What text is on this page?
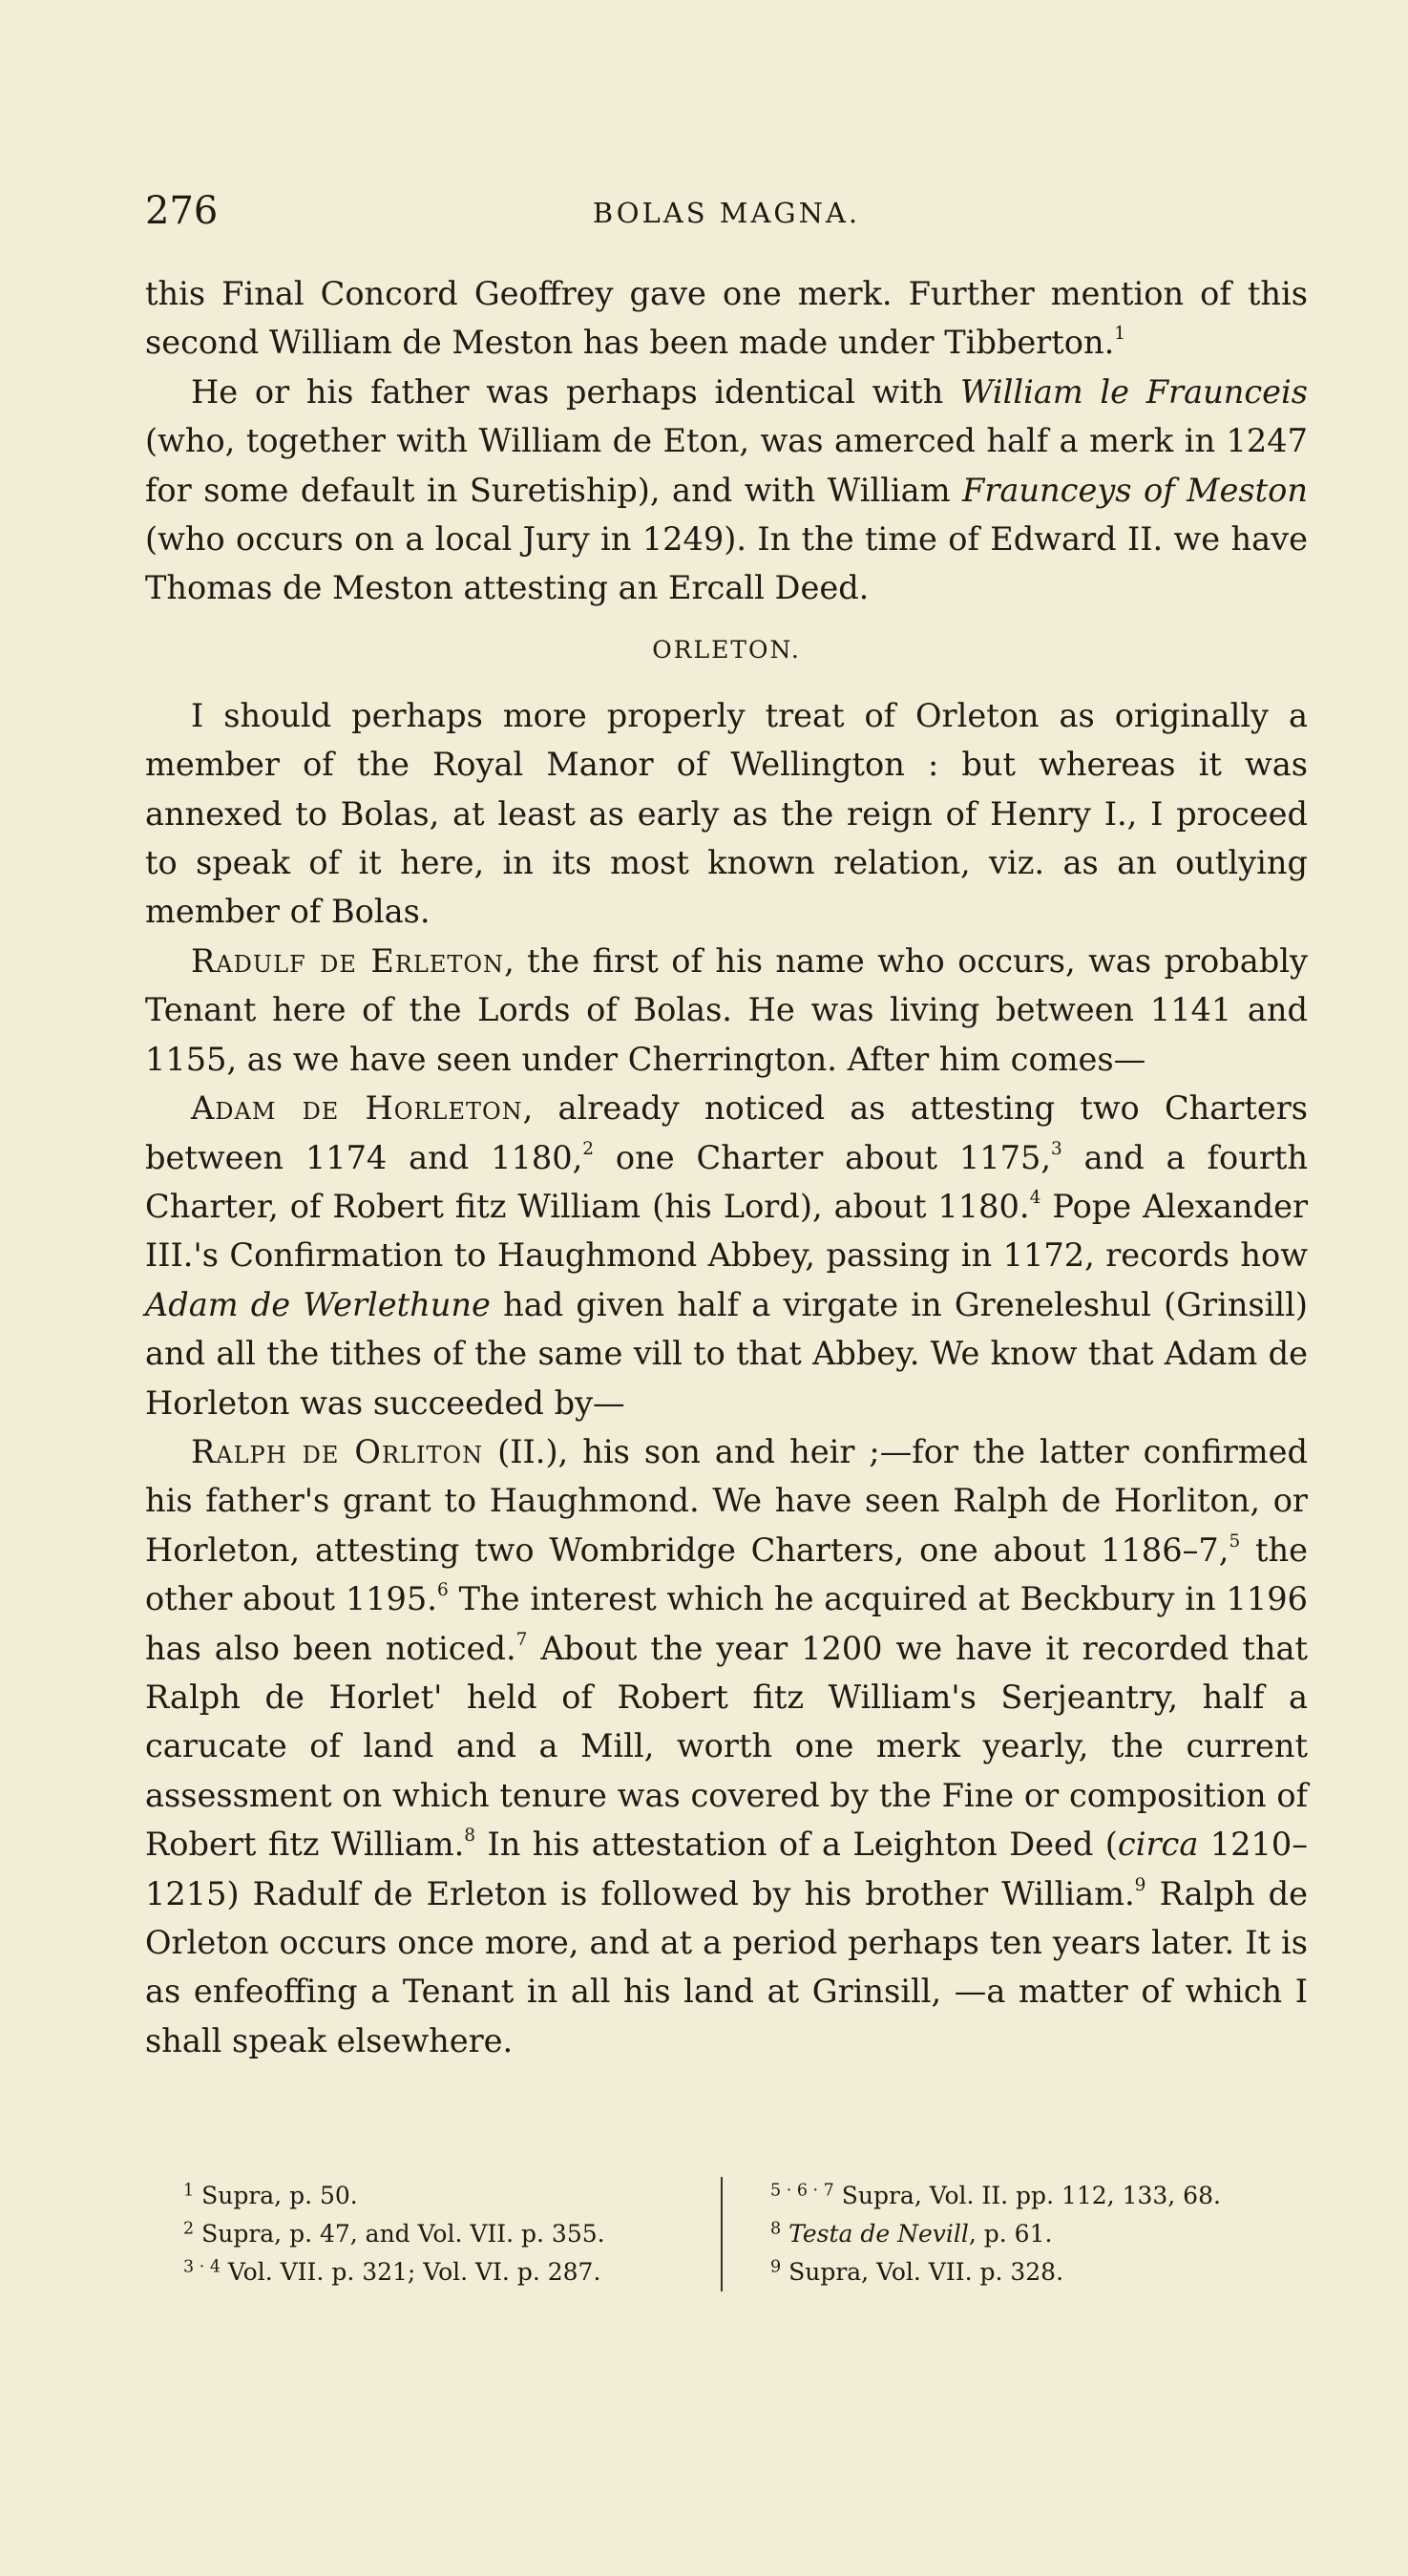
276	BOLAS MAGNA.

this Final Concord Geoffrey gave one merk. Further mention of this second William de Meston has been made under Tibberton.$^1$

He or his father was perhaps identical with William le Frаunceis (who, together with William de Eton, was amerced half a merk in 1247 for some default in Suretiship), and with William Fraunceys of Meston (who occurs on a local Jury in 1249). In the time of Edward II. we have Thomas de Meston attesting an Ercall Deed.

ORLETON.

I should perhaps more properly treat of Orleton as originally a member of the Royal Manor of Wellington : but whereas it was annexed to Bolas, at least as early as the reign of Henry I., I proceed to speak of it here, in its most known relation, viz. as an outlying member of Bolas.

Radulf de Erleton, the first of his name who occurs, was probably Tenant here of the Lords of Bolas. He was living between 1141 and 1155, as we have seen under Cherrington. After him comes—

Adam de Horleton, already noticed as attesting two Charters between 1174 and 1180,$^2$ one Charter about 1175,$^3$ and a fourth Charter, of Robert fitz William (his Lord), about 1180.$^4$ Pope Alexander III.'s Confirmation to Haughmond Abbey, passing in 1172, records how Adam de Werlethune had given half a virgate in Greneleshul (Grinsill) and all the tithes of the same vill to that Abbey. We know that Adam de Horleton was succeeded by—

Ralph de Orliton (II.), his son and heir ;—for the latter confirmed his father's grant to Haughmond. We have seen Ralph de Horliton, or Horleton, attesting two Wombridge Charters, one about 1186–7,$^5$ the other about 1195.$^6$ The interest which he acquired at Beckbury in 1196 has also been noticed.$^7$ About the year 1200 we have it recorded that Ralph de Horlet' held of Robert fitz William's Serjeantry, half a carucate of land and a Mill, worth one merk yearly, the current assessment on which tenure was covered by the Fine or composition of Robert fitz William.$^8$ In his attestation of a Leighton Deed (circa 1210–1215) Radulf de Erleton is followed by his brother William.$^9$ Ralph de Orleton occurs once more, and at a period perhaps ten years later. It is as enfeoffing a Tenant in all his land at Grinsill, —a matter of which I shall speak elsewhere.

$^1$ Supra, p. 50.
$^2$ Supra, p. 47, and Vol. VII. p. 355.
$^{3 \cdot 4}$ Vol. VII. p. 321; Vol. VI. p. 287.
$^{5 \cdot 6 \cdot 7}$ Supra, Vol. II. pp. 112, 133, 68.
$^8$ Testa de Nevill, p. 61.
$^9$ Supra, Vol. VII. p. 328.
